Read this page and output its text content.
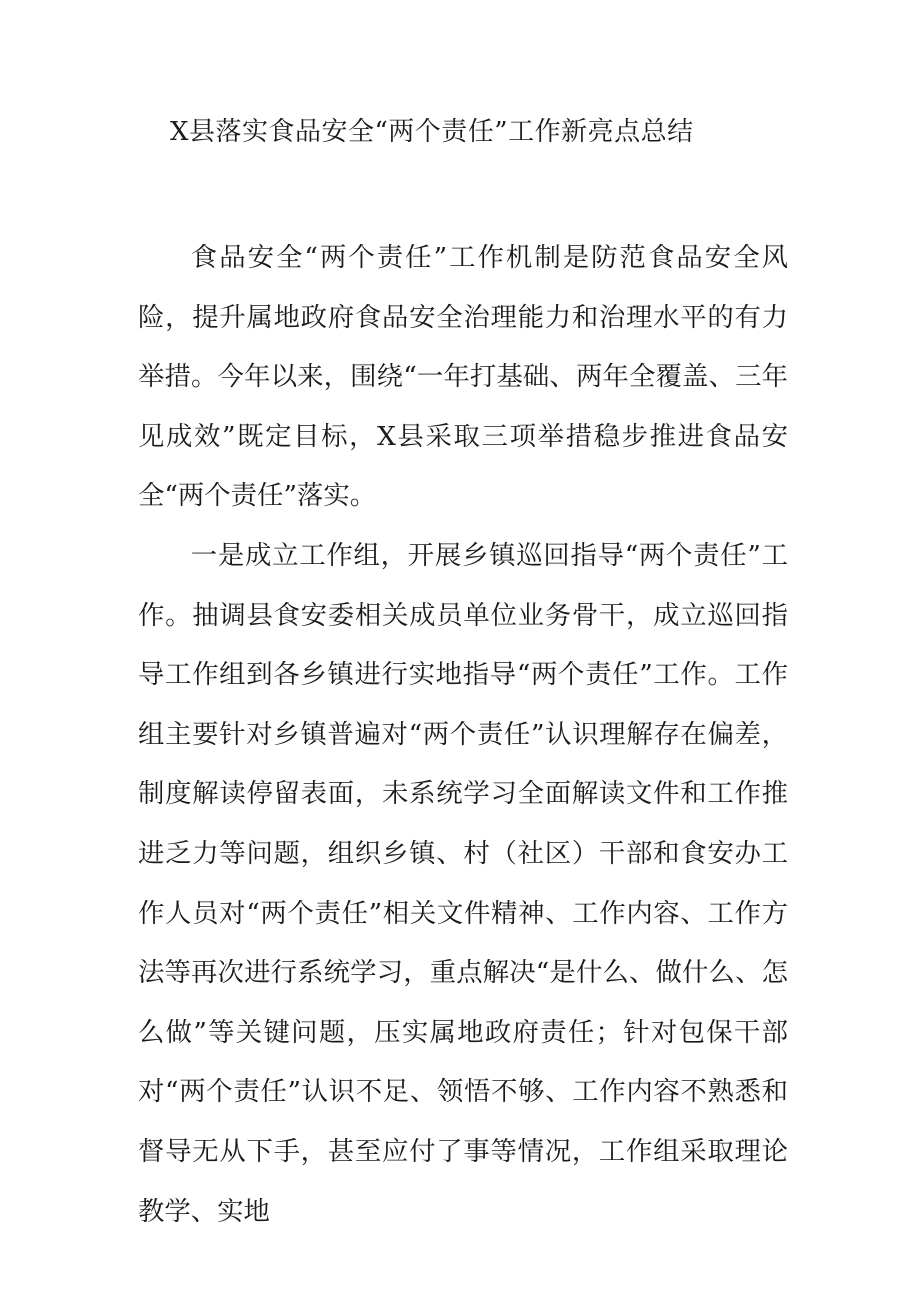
X县落实食品安全“两个责任”工作新亮点总结

食品安全“两个责任”工作机制是防范食品安全风险，提升属地政府食品安全治理能力和治理水平的有力举措。今年以来，围绕“一年打基础、两年全覆盖、三年见成效”既定目标，X县采取三项举措稳步推进食品安全“两个责任”落实。

一是成立工作组，开展乡镇巡回指导“两个责任”工作。抽调县食安委相关成员单位业务骨干，成立巡回指导工作组到各乡镇进行实地指导“两个责任”工作。工作组主要针对乡镇普遍对“两个责任”认识理解存在偏差，制度解读停留表面，未系统学习全面解读文件和工作推进乏力等问题，组织乡镇、村（社区）干部和食安办工作人员对“两个责任”相关文件精神、工作内容、工作方法等再次进行系统学习，重点解决“是什么、做什么、怎么做”等关键问题，压实属地政府责任；针对包保干部对“两个责任”认识不足、领悟不够、工作内容不熟悉和督导无从下手，甚至应付了事等情况，工作组采取理论教学、实地
